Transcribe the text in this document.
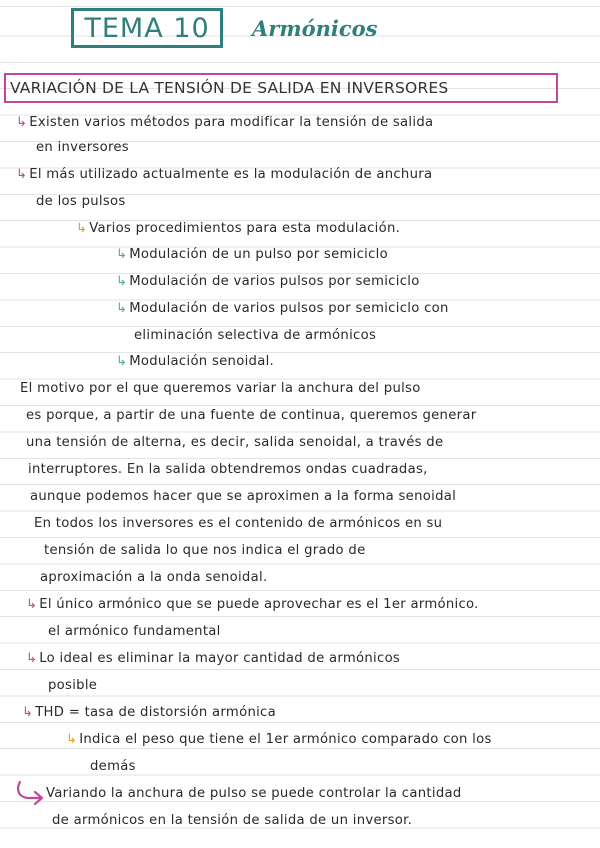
TEMA 10 Armónicos
VARIACIÓN DE LA TENSIÓN DE SALIDA EN INVERSORES
↳ Existen varios métodos para modificar la tensión de salida
en inversores
↳ El más utilizado actualmente es la modulación de anchura
de los pulsos
↳ Varios procedimientos para esta modulación.
↳ Modulación de un pulso por semiciclo
↳ Modulación de varios pulsos por semiciclo
↳ Modulación de varios pulsos por semiciclo con
eliminación selectiva de armónicos
↳ Modulación senoidal.
El motivo por el que queremos variar la anchura del pulso
es porque, a partir de una fuente de continua, queremos generar
una tensión de alterna, es decir, salida senoidal, a través de
interruptores. En la salida obtendremos ondas cuadradas,
aunque podemos hacer que se aproximen a la forma senoidal
En todos los inversores es el contenido de armónicos en su
tensión de salida lo que nos indica el grado de
aproximación a la onda senoidal.
↳ El único armónico que se puede aprovechar es el 1er armónico.
el armónico fundamental
↳ Lo ideal es eliminar la mayor cantidad de armónicos
posible
↳ THD = tasa de distorsión armónica
↳ Indica el peso que tiene el 1er armónico comparado con los
demás
Variando la anchura de pulso se puede controlar la cantidad
de armónicos en la tensión de salida de un inversor.
